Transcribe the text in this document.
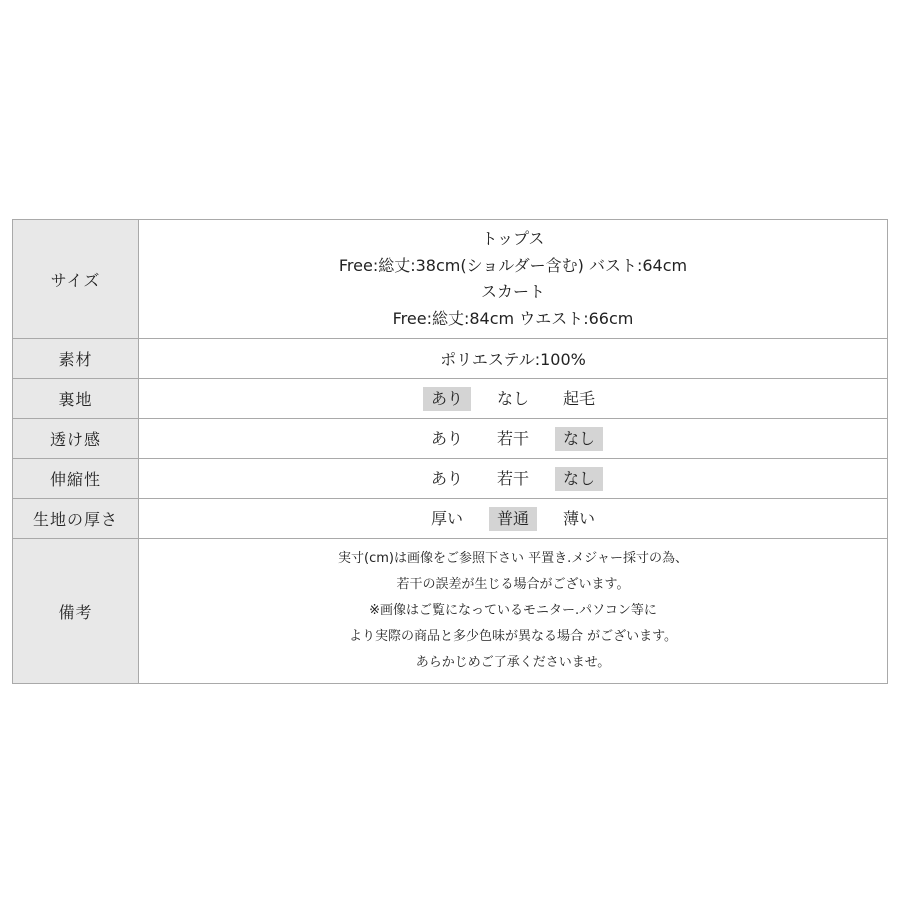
サイズ	トップス
Free:総丈:38cm(ショルダー含む) バスト:64cm
スカート
Free:総丈:84cm ウエスト:66cm

素材	ポリエステル:100%
裏地	あり なし 起毛

透け感	あり 若干 なし

伸縮性	あり 若干 なし

生地の厚さ	厚い 普通 薄い

備考	実寸(cm)は画像をご参照下さい 平置き.メジャー採寸の為、
若干の誤差が生じる場合がございます。
※画像はご覧になっているモニター.パソコン等に
より実際の商品と多少色味が異なる場合 がございます。
あらかじめご了承くださいませ。
